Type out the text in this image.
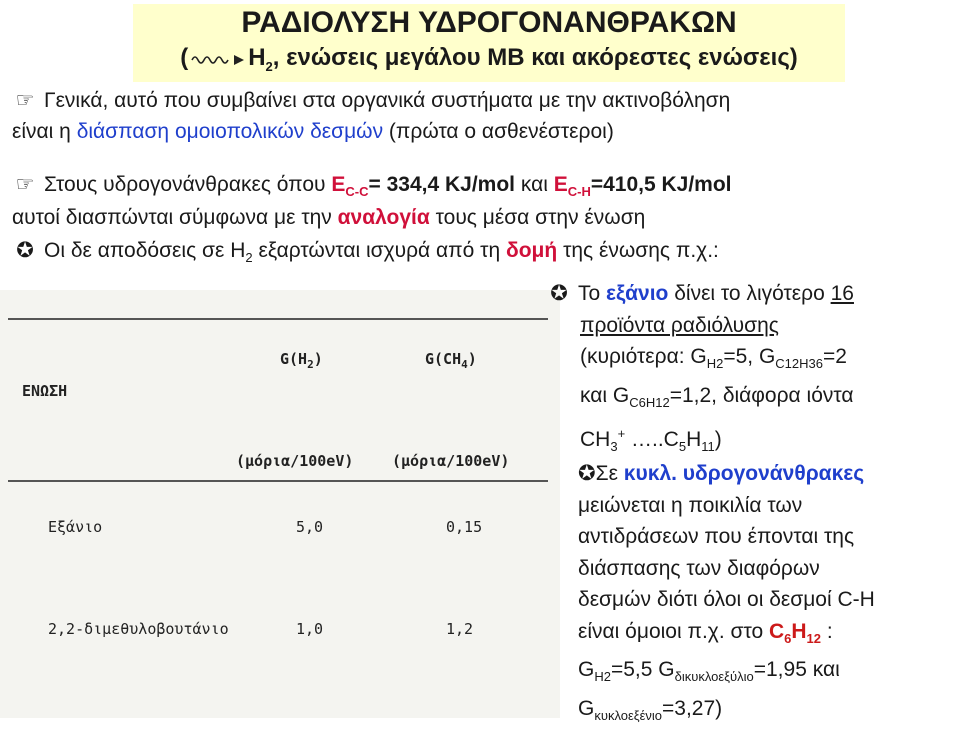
ΡΑΔΙΟΛΥΣΗ ΥΔΡΟΓΟΝΑΝΘΡΑΚΩΝ
(	$H_2$, ενώσεις μεγάλου ΜΒ και ακόρεστες ενώσεις)
☞ Γενικά, αυτό που συμβαίνει στα οργανικά συστήματα με την ακτινοβόληση
είναι η διάσπαση ομοιοπολικών δεσμών (πρώτα ο ασθενέστεροι)
☞ Στους υδρογονάνθρακες όπου $E_{C-C}= 334,4$ KJ/mol και $E_{C-H}=410,5$ KJ/mol
αυτοί διασπώνται σύμφωνα με την αναλογία τους μέσα στην ένωση
✪ Οι δε αποδόσεις σε $H_2$ εξαρτώνται ισχυρά από τη δομή της ένωσης π.χ.:
ΕΝΩΣΗ
$G(H_2)$	$G(CH_4)$
(μόρια/100eV)	(μόρια/100eV)
Εξάνιο	5,0	0,15
2,2-διμεθυλοβουτάνιο	1,0	1,2
✪ Το εξάνιο δίνει το λιγότερο 16
προϊόντα ραδιόλυσης
(κυριότερα: $G_{H2}=5$, $G_{C12H36}=2$
και $G_{C6H12}=1,2$, διάφορα ιόντα
$CH_3^+$ $\dots..C_5H_{11}$)
✪Σε κυκλ. υδρογονάνθρακες
μειώνεται η ποικιλία των
αντιδράσεων που έπονται της
διάσπασης των διαφόρων
δεσμών διότι όλοι οι δεσμοί C-H
είναι όμοιοι π.χ. στο $C_6H_{12}$ :
$G_{H2}=5,5$ $G_{\delta\iota\kappa\upsilon\kappa\lambda o\varepsilon\xi ύ\lambda\iota o}=1,95$ και
$G_{\kappa\upsilon\kappa\lambda o\varepsilon\xi έ\nu\iota o}=3,27$)
